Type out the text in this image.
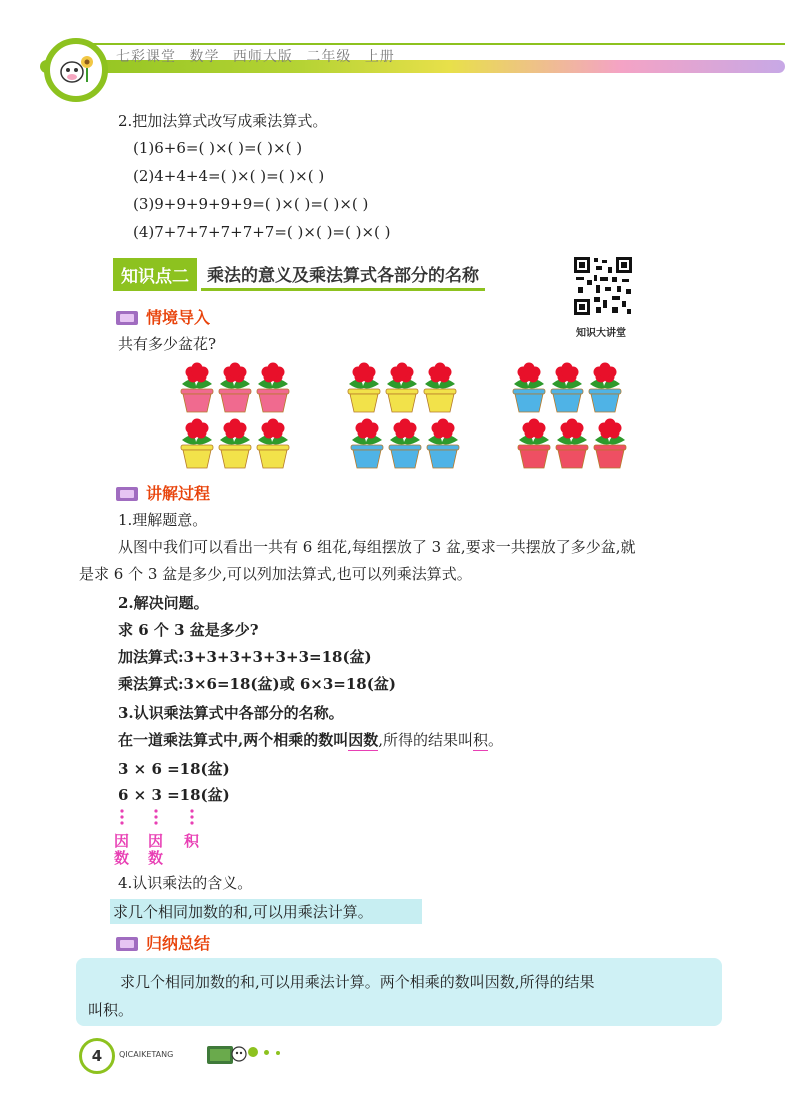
七彩课堂 数学 西师大版 二年级 上册
2.把加法算式改写成乘法算式。
(1)6+6=( )×( )=( )×( )
(2)4+4+4=( )×( )=( )×( )
(3)9+9+9+9+9=( )×( )=( )×( )
(4)7+7+7+7+7+7=( )×( )=( )×( )
知识点二 乘法的意义及乘法算式各部分的名称
知识大讲堂
情境导入
共有多少盆花?
讲解过程
1.理解题意。
从图中我们可以看出一共有 6 组花,每组摆放了 3 盆,要求一共摆放了多少盆,就
是求 6 个 3 盆是多少,可以列加法算式,也可以列乘法算式。
2.解决问题。
求 6 个 3 盆是多少?
加法算式:3+3+3+3+3+3=18(盆)
乘法算式:3×6=18(盆)或 6×3=18(盆)
3.认识乘法算式中各部分的名称。
在一道乘法算式中,两个相乘的数叫因数,所得的结果叫积。
3 × 6 =18(盆)
6 × 3 =18(盆)
因
数
因
数
积
4.认识乘法的含义。
求几个相同加数的和,可以用乘法计算。
归纳总结
求几个相同加数的和,可以用乘法计算。两个相乘的数叫因数,所得的结果
叫积。
4	QICAIKETANG
